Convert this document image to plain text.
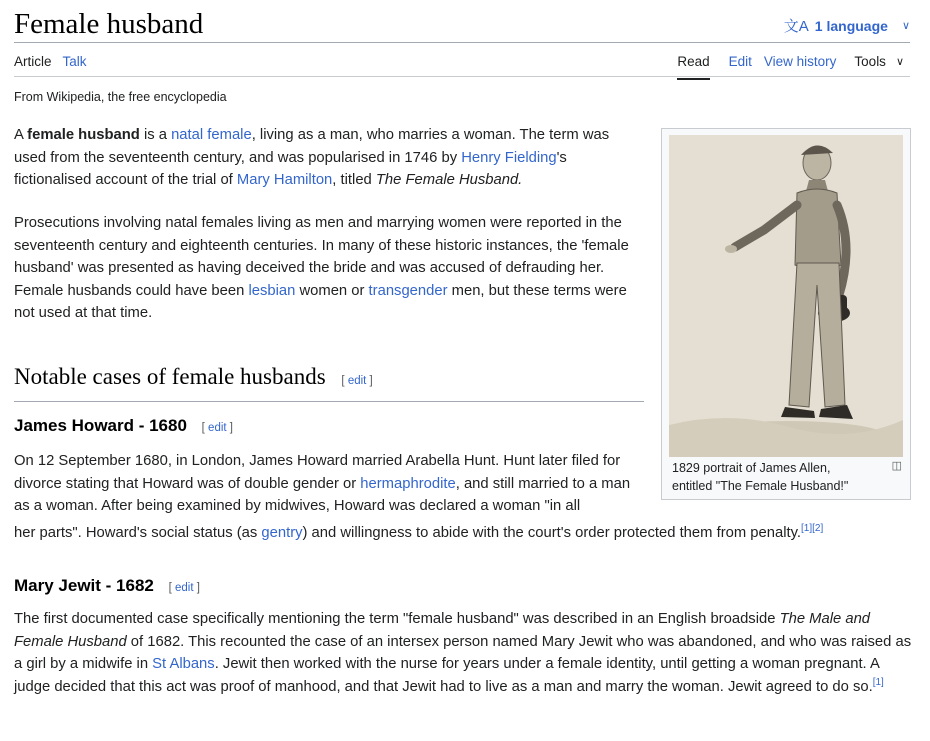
Female husband	文A 1 language ∨
Article Talk	Read	Edit View history	Tools ∨
From Wikipedia, the free encyclopedia

A female husband is a natal female, living as a man, who marries a woman. The term was used from the seventeenth century, and was popularised in 1746 by Henry Fielding's fictionalised account of the trial of Mary Hamilton, titled The Female Husband.

Prosecutions involving natal females living as men and marrying women were reported in the seventeenth century and eighteenth centuries. In many of these historic instances, the 'female husband' was presented as having deceived the bride and was accused of defrauding her. Female husbands could have been lesbian women or transgender men, but these terms were not used at that time.

Notable cases of female husbands [ edit ]
James Howard - 1680 [ edit ]

On 12 September 1680, in London, James Howard married Arabella Hunt. Hunt later filed for divorce stating that Howard was of double gender or hermaphrodite, and still married to a man as a woman. After being examined by midwives, Howard was declared a woman "in all

her parts". Howard's social status (as gentry) and willingness to abide with the court's order protected them from penalty.[1][2]

Mary Jewit - 1682 [ edit ]

The first documented case specifically mentioning the term "female husband" was described in an English broadside The Male and Female Husband of 1682. This recounted the case of an intersex person named Mary Jewit who was abandoned, and who was raised as a girl by a midwife in St Albans. Jewit then worked with the nurse for years under a female identity, until getting a woman pregnant. A judge decided that this act was proof of manhood, and that Jewit had to live as a man and marry the woman. Jewit agreed to do so.[1]

1829 portrait of James Allen, entitled "The Female Husband!"
◫
